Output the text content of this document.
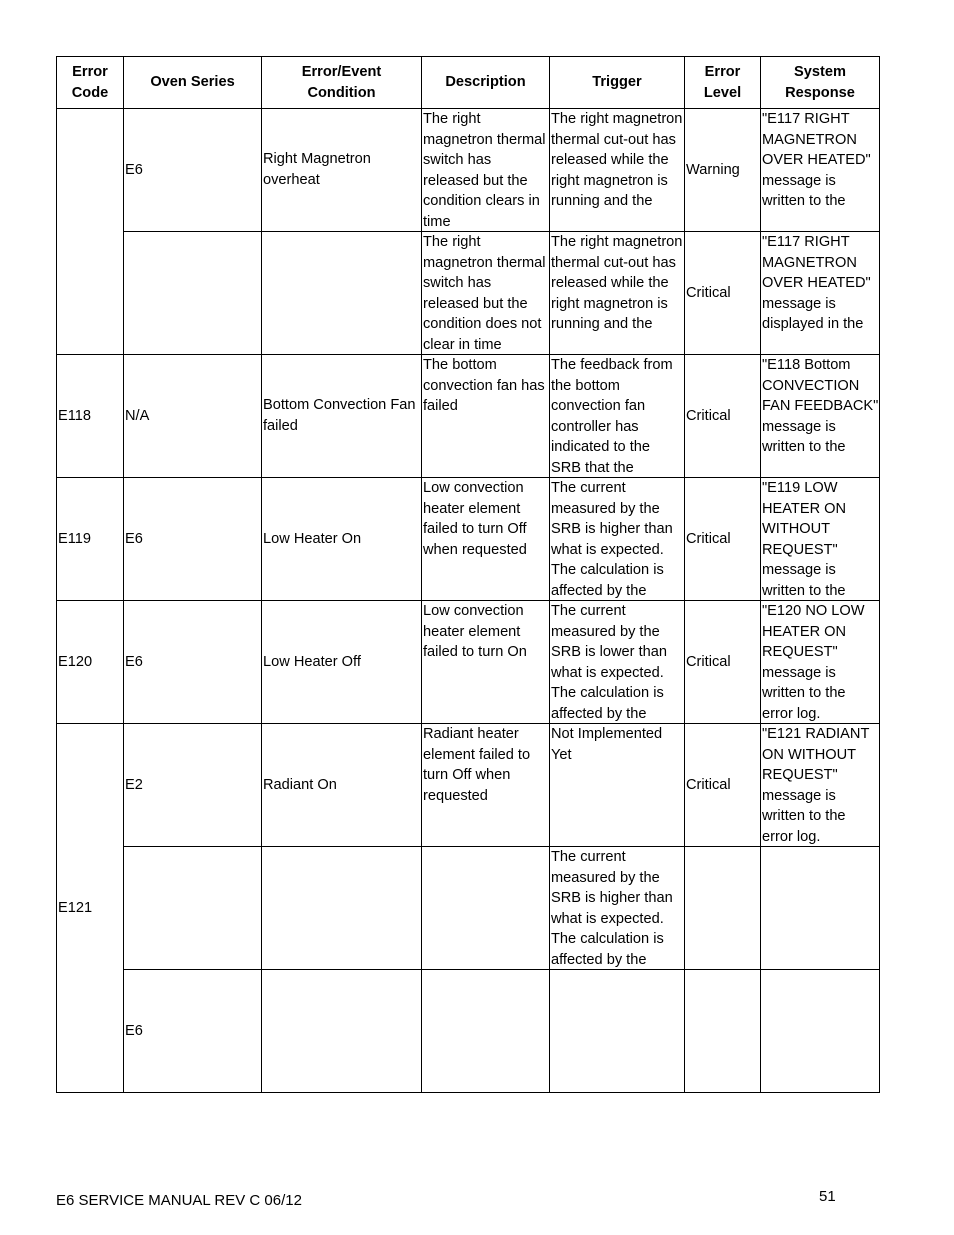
Error Code	Oven Series	Error/Event Condition	Description	Trigger	Error Level	System Response
	E6	Right Magnetron overheat	The right magnetron thermal switch has released but the condition clears in time	The right magnetron thermal cut-out has released while the right magnetron is running and the	Warning	"E117 RIGHT MAGNETRON OVER HEATED" message is written to the

			The right magnetron thermal switch has released but the condition does not clear in time	The right magnetron thermal cut-out has released while the right magnetron is running and the	Critical	"E117 RIGHT MAGNETRON OVER HEATED" message is displayed in the

E118	N/A	Bottom Convection Fan failed	The bottom convection fan has failed	The feedback from the bottom convection fan controller has indicated to the SRB that the	Critical	"E118 Bottom CONVECTION FAN FEEDBACK" message is written to the

E119	E6	Low Heater On	Low convection heater element failed to turn Off when requested	The current measured by the SRB is higher than what is expected. The calculation is affected by the	Critical	"E119 LOW HEATER ON WITHOUT REQUEST" message is written to the

E120	E6	Low Heater Off	Low convection heater element failed to turn On	The current measured by the SRB is lower than what is expected. The calculation is affected by the	Critical	"E120 NO LOW HEATER ON REQUEST" message is written to the error log.

E121	E2	Radiant On	Radiant heater element failed to turn Off when requested	Not Implemented Yet	Critical	"E121 RADIANT ON WITHOUT REQUEST" message is written to the error log.

				The current measured by the SRB is higher than what is expected. The calculation is affected by the		

	E6		

E6 SERVICE MANUAL REV C 06/12	51
